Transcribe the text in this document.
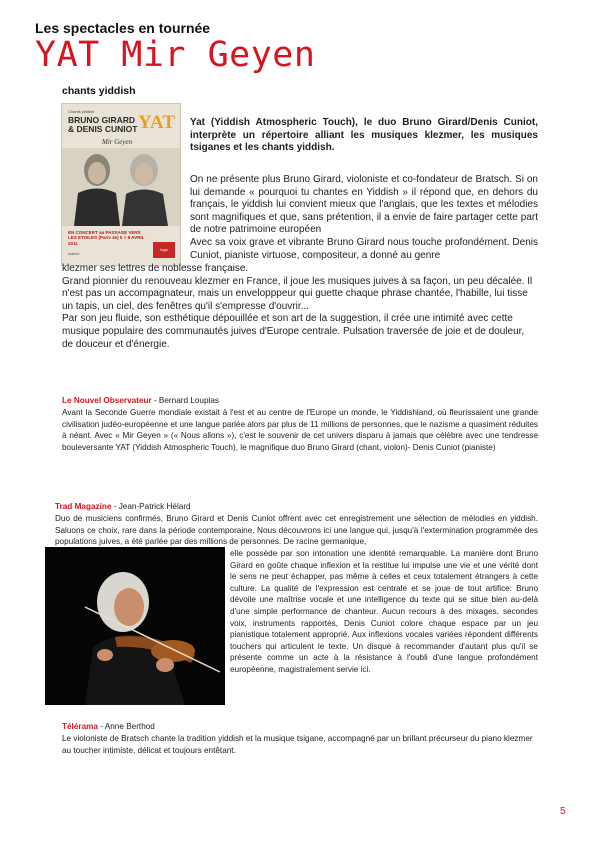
Les spectacles en tournée
YAT Mir Geyen
chants yiddish
Chants yiddish
BRUNO GIRARD & DENIS CUNIOT YAT
Mir Geyen
EN CONCERT au PASSAGE VERS LES ETOILES (Paris 4e) 5 > 8 AVRIL 2011
bratsch
logo
Yat (Yiddish Atmospheric Touch), le duo Bruno Girard/Denis Cuniot, interprète un répertoire alliant les musiques klezmer, les musiques tsiganes et les chants yiddish.

On ne présente plus Bruno Girard, violoniste et co-fondateur de Bratsch. Si on lui demande « pourquoi tu chantes en Yiddish » il répond que, en dehors du français, le yiddish lui convient mieux que l'anglais, que les textes et mélodies sont magnifiques et que, sans prétention, il a envie de faire partager cette part de notre patrimoine européen

Avec sa voix grave et vibrante Bruno Girard nous touche profondément. Denis Cuniot, pianiste virtuose, compositeur, a donné au genre

klezmer ses lettres de noblesse française.

Grand pionnier du renouveau klezmer en France, il joue les musiques juives à sa façon, un peu décalée. Il n'est pas un accompagnateur, mais un envelopppeur qui guette chaque phrase chantée, l'habille, lui tisse un tapis, un ciel, des fenêtres qu'il s'empresse d'ouvrir...

Par son jeu fluide, son esthétique dépouillée et son art de la suggestion, il crée une intimité avec cette musique populaire des communautés juives d'Europe centrale. Pulsation traversée de joie et de douleur, de douceur et d'énergie.

Le Nouvel Observateur - Bernard Loupias
Avant la Seconde Guerre mondiale existait à l'est et au centre de l'Europe un monde, le Yiddishland, où fleurissaient une grande civilisation judéo-européenne et une langue parlée alors par plus de 11 millions de personnes, que le nazisme a quasiment réduites à néant. Avec « Mir Geyen » (« Nous allons »), c'est le souvenir de cet univers disparu à jamais que célèbre avec une tendresse bouleversante YAT (Yiddish Atmospheric Touch), le magnifique duo Bruno Girard (chant, violon)- Denis Cuniot (pianiste)
Trad Magazine - Jean-Patrick Hélard
Duo de musiciens confirmés, Bruno Girard et Denis Cuniot offrent avec cet enregistrement une sélection de mélodies en yiddish. Saluons ce choix, rare dans la période contemporaine. Nous découvrons ici une langue qui, jusqu'à l'extermination programmée des populations juives, a été parlée par des millions de personnes. De racine germanique,
elle possède par son intonation une identité remarquable. La manière dont Bruno Girard en goûte chaque inflexion et la restitue lui impulse une vie et une vérité dont le sens ne peut échapper, pas même à celles et ceux totalement étrangers à cette culture. La qualité de l'expression est centrale et se joue de tout artifice: Bruno dévoile une maîtrise vocale et une intelligence du texte qui se situe bien au-delà d'une simple performance de chanteur. Aucun recours à des mixages, secondes voix, instruments rapportés, Denis Cuniot colore chaque espace par un jeu pianistique totalement approprié. Aux inflexions vocales variées répondent différents touchers qui articulent le texte. Un disque à recommander d'autant plus qu'il se présente comme un acte à la résistance à l'oubli d'une langue profondément européenne, magistralement servie ici.
Télérama - Anne Berthod
Le violoniste de Bratsch chante la tradition yiddish et la musique tsigane, accompagné par un brillant précurseur du piano klezmer au toucher intimiste, délicat et toujours entêtant.
5
